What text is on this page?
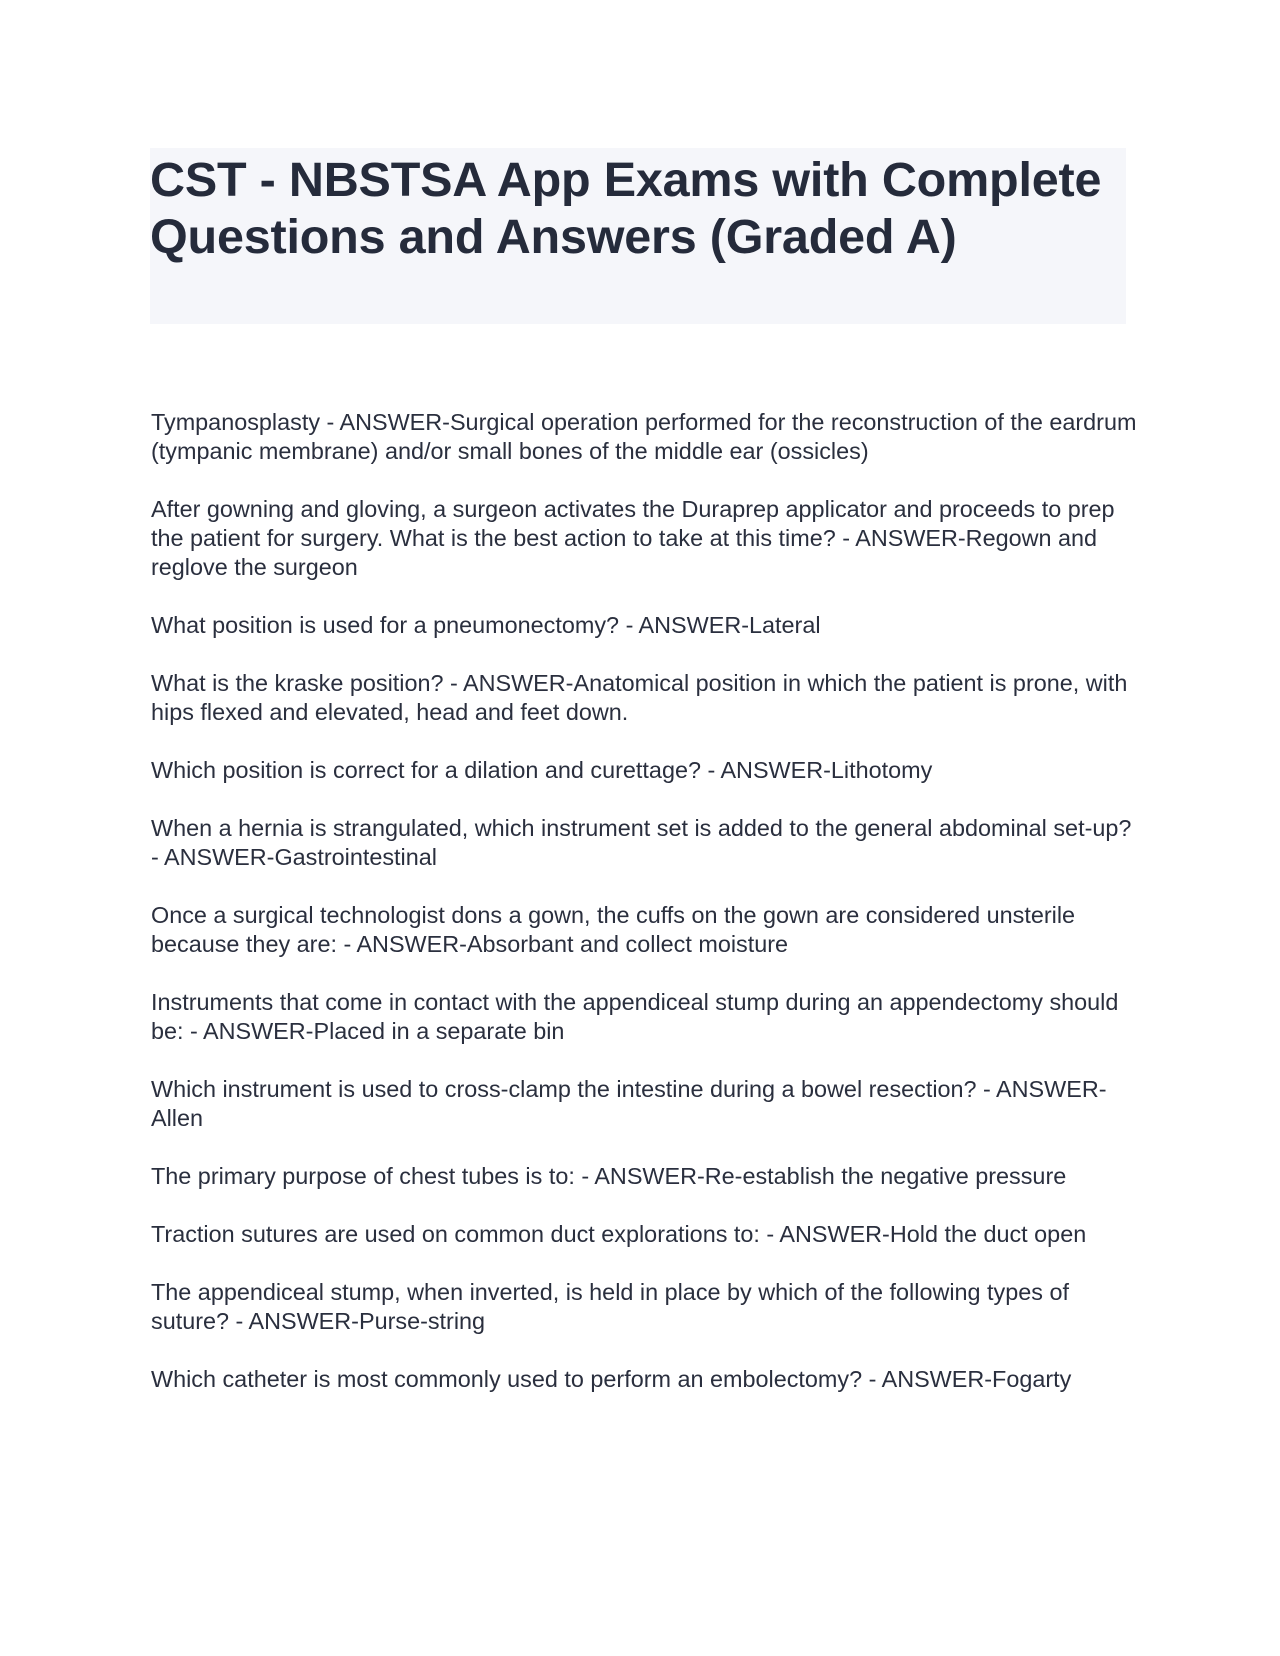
CST - NBSTSA App Exams with Complete Questions and Answers (Graded A)
Tympanosplasty - ANSWER-Surgical operation performed for the reconstruction of the eardrum (tympanic membrane) and/or small bones of the middle ear (ossicles)
After gowning and gloving, a surgeon activates the Duraprep applicator and proceeds to prep the patient for surgery. What is the best action to take at this time? - ANSWER-Regown and reglove the surgeon
What position is used for a pneumonectomy? - ANSWER-Lateral
What is the kraske position? - ANSWER-Anatomical position in which the patient is prone, with hips flexed and elevated, head and feet down.
Which position is correct for a dilation and curettage? - ANSWER-Lithotomy
When a hernia is strangulated, which instrument set is added to the general abdominal set-up? - ANSWER-Gastrointestinal
Once a surgical technologist dons a gown, the cuffs on the gown are considered unsterile because they are: - ANSWER-Absorbant and collect moisture
Instruments that come in contact with the appendiceal stump during an appendectomy should be: - ANSWER-Placed in a separate bin
Which instrument is used to cross-clamp the intestine during a bowel resection? - ANSWER-Allen
The primary purpose of chest tubes is to: - ANSWER-Re-establish the negative pressure
Traction sutures are used on common duct explorations to: - ANSWER-Hold the duct open
The appendiceal stump, when inverted, is held in place by which of the following types of suture? - ANSWER-Purse-string
Which catheter is most commonly used to perform an embolectomy? - ANSWER-Fogarty
